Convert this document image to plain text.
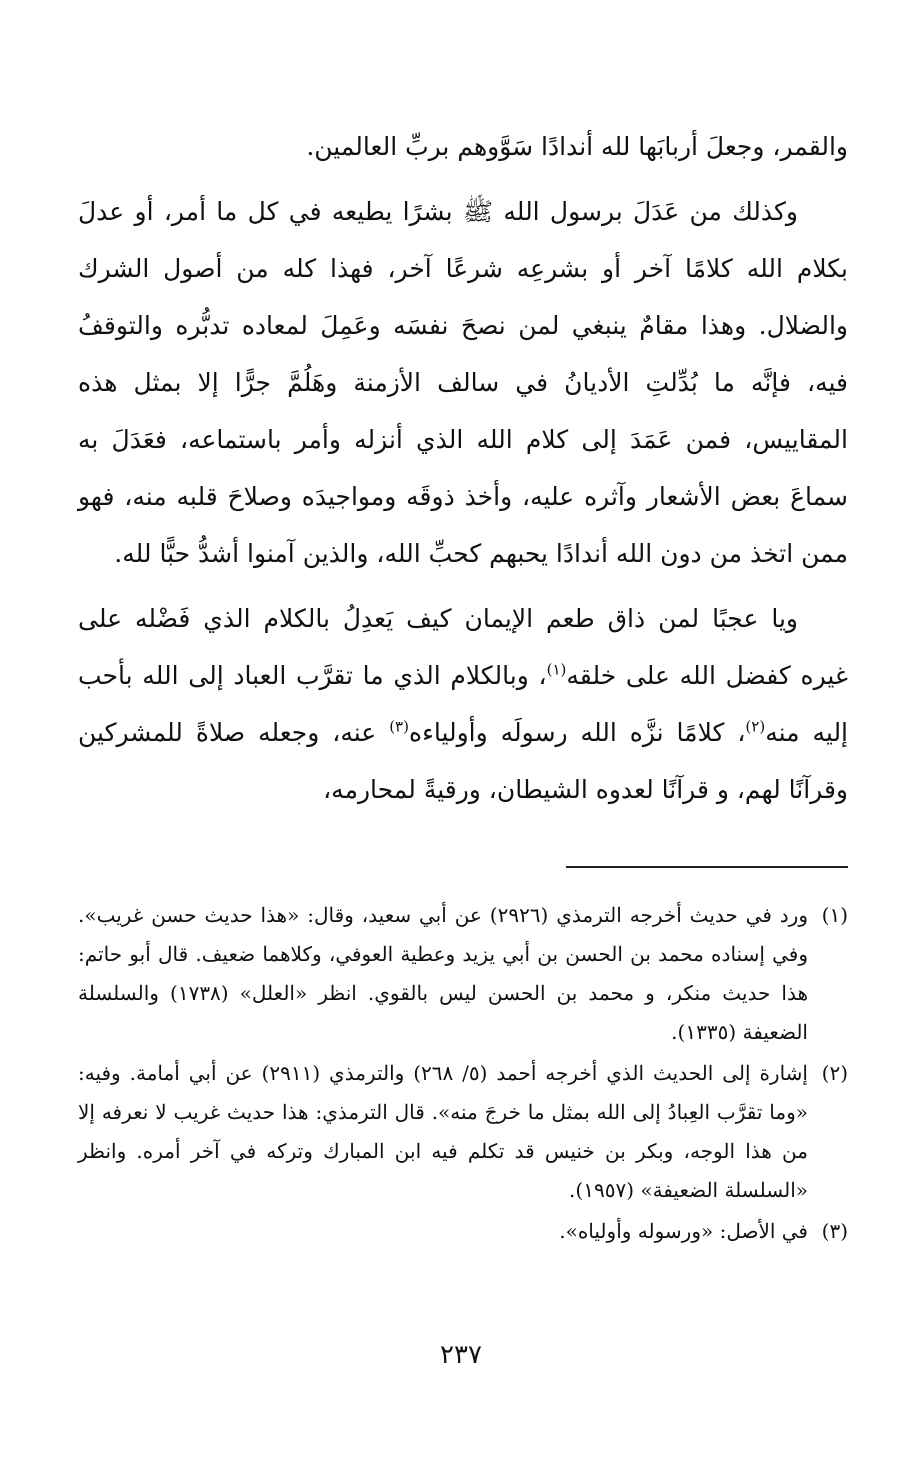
والقمر، وجعلَ أربابَها لله أندادًا سَوَّوهم بربِّ العالمين.

وكذلك من عَدَلَ برسول الله ﷺ بشرًا يطيعه في كل ما أمر، أو عدلَ بكلام الله كلامًا آخر أو بشرعِه شرعًا آخر، فهذا كله من أصول الشرك والضلال. وهذا مقامٌ ينبغي لمن نصحَ نفسَه وعَمِلَ لمعاده تدبُّره والتوقفُ فيه، فإنَّه ما بُدِّلتِ الأديانُ في سالف الأزمنة وهَلُمَّ جرًّا إلا بمثل هذه المقاييس، فمن عَمَدَ إلى كلام الله الذي أنزله وأمر باستماعه، فعَدَلَ به سماعَ بعض الأشعار وآثره عليه، وأخذ ذوقَه ومواجيدَه وصلاحَ قلبه منه، فهو ممن اتخذ من دون الله أندادًا يحبهم كحبِّ الله، والذين آمنوا أشدُّ حبًّا لله.

ويا عجبًا لمن ذاق طعم الإيمان كيف يَعدِلُ بالكلام الذي فَضْله على غيره كفضل الله على خلقه$^{(١)}$، وبالكلام الذي ما تقرَّب العباد إلى الله بأحب إليه منه$^{(٢)}$، كلامًا نزَّه الله رسولَه وأولياءه$^{(٣)}$ عنه، وجعله صلاةً للمشركين وقرآنًا لهم، و قرآنًا لعدوه الشيطان، ورقيةً لمحارمه،

(١)
ورد في حديث أخرجه الترمذي (٢٩٢٦) عن أبي سعيد، وقال: «هذا حديث حسن غريب». وفي إسناده محمد بن الحسن بن أبي يزيد وعطية العوفي، وكلاهما ضعيف. قال أبو حاتم: هذا حديث منكر، و محمد بن الحسن ليس بالقوي. انظر «العلل» (١٧٣٨) والسلسلة الضعيفة (١٣٣٥).
(٢)
إشارة إلى الحديث الذي أخرجه أحمد (٥/ ٢٦٨) والترمذي (٢٩١١) عن أبي أمامة. وفيه: «وما تقرَّب العِبادُ إلى الله بمثل ما خرجَ منه». قال الترمذي: هذا حديث غريب لا نعرفه إلا من هذا الوجه، وبكر بن خنيس قد تكلم فيه ابن المبارك وتركه في آخر أمره. وانظر «السلسلة الضعيفة» (١٩٥٧).
(٣)
في الأصل: «ورسوله وأولياه».
٢٣٧
